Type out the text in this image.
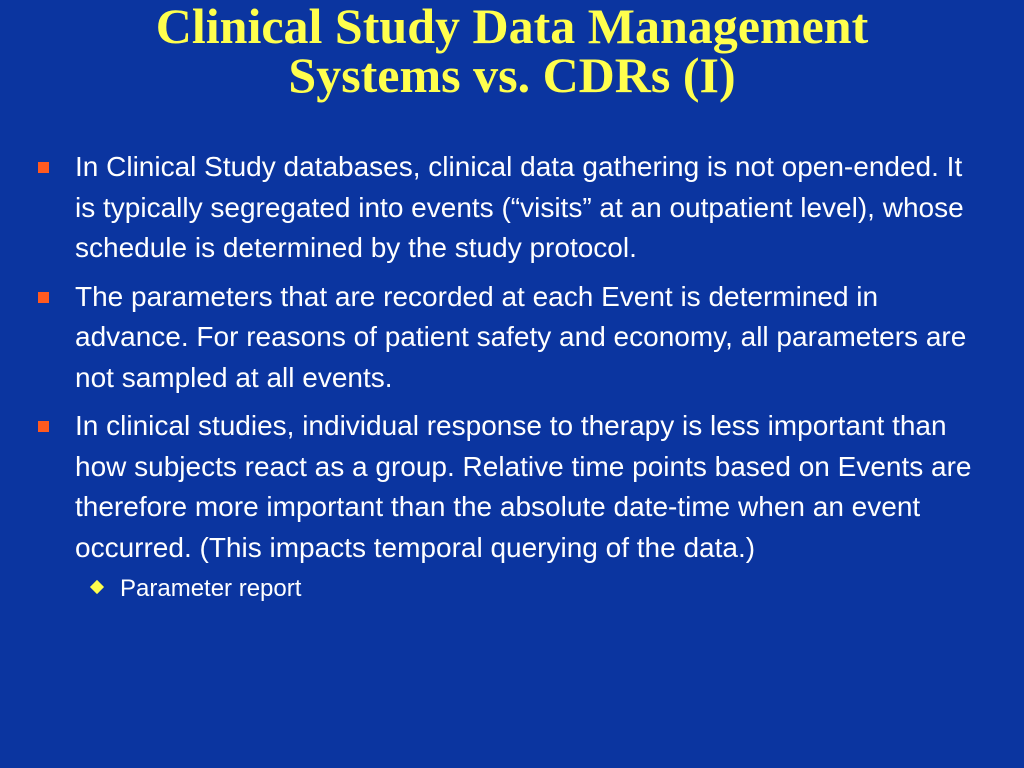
Clinical Study Data Management
Systems vs. CDRs (I)
In Clinical Study databases, clinical data gathering is not open-ended. It is typically segregated into events (“visits” at an outpatient level), whose schedule is determined by the study protocol.
The parameters that are recorded at each Event is determined in advance. For reasons of patient safety and economy, all parameters are not sampled at all events.
In clinical studies, individual response to therapy is less important than how subjects react as a group. Relative time points based on Events are therefore more important than the absolute date-time when an event occurred. (This impacts temporal querying of the data.)
Parameter report
